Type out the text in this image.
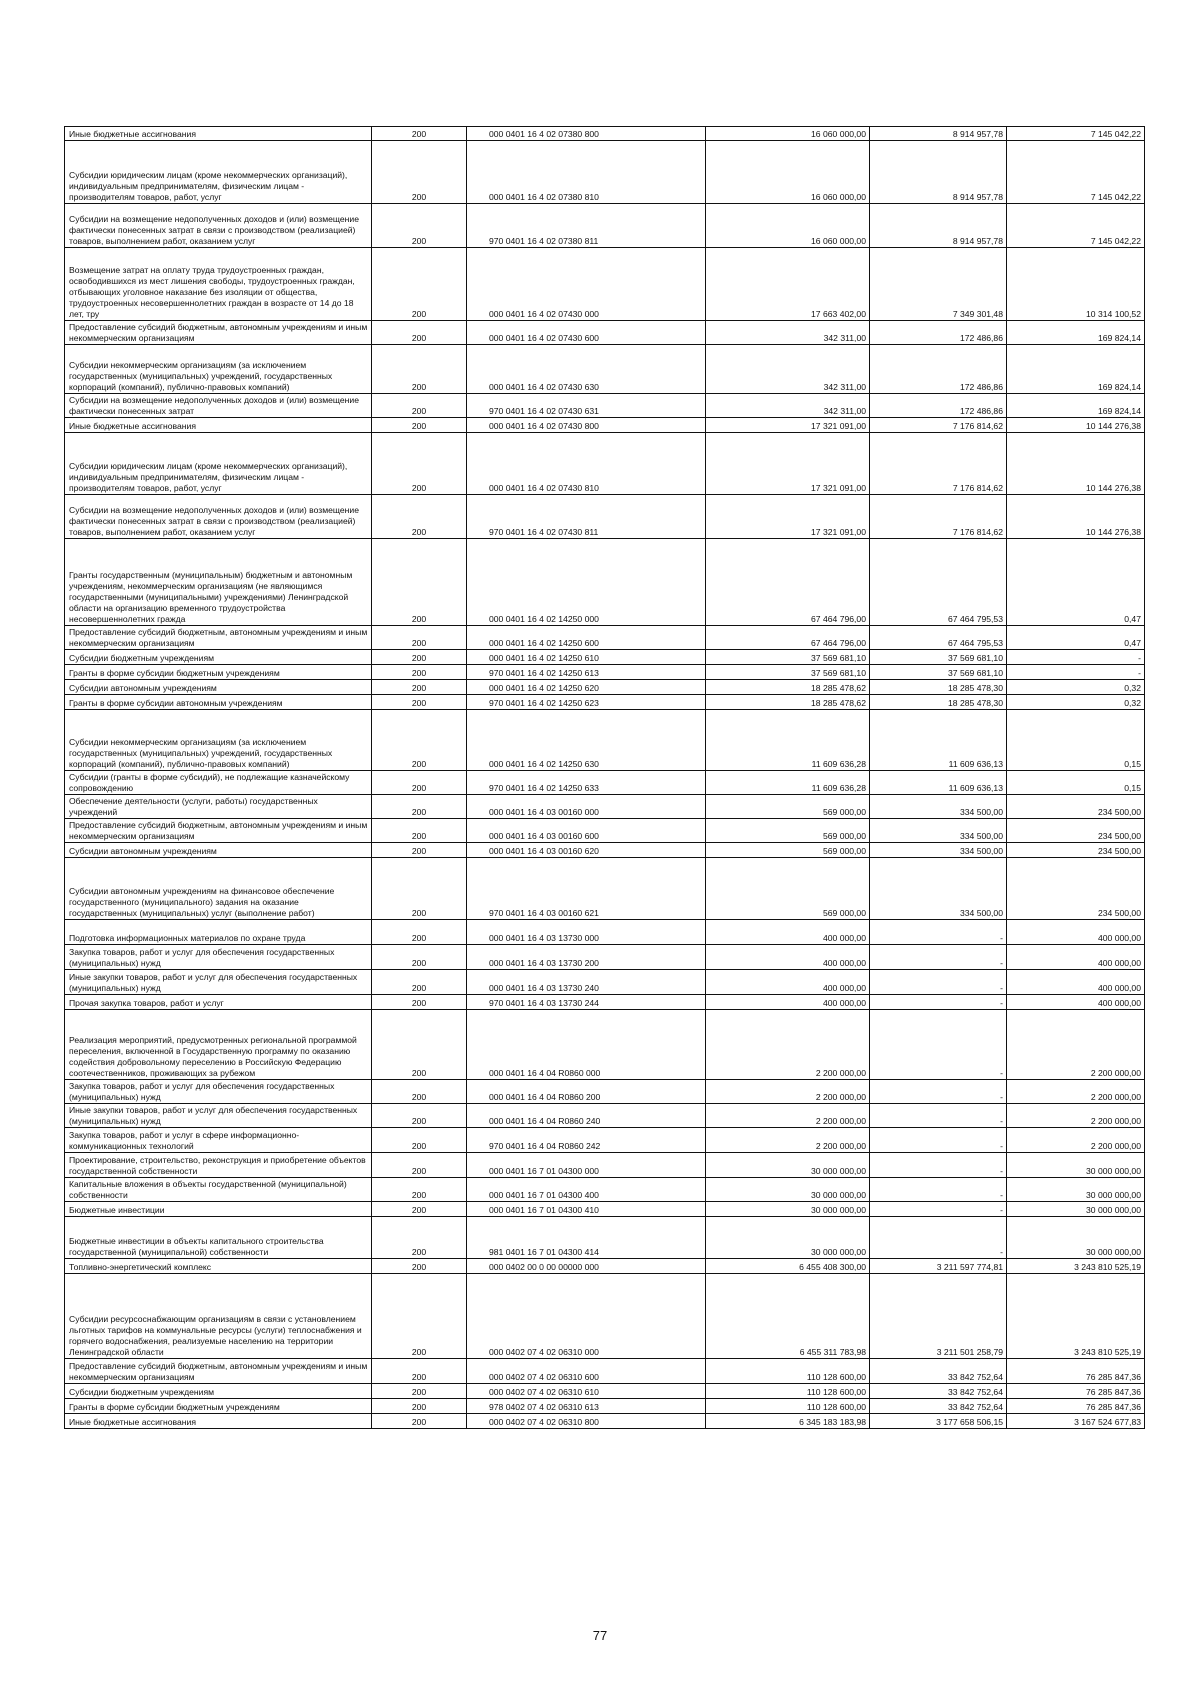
Иные бюджетные ассигнования	200	000 0401 16 4 02 07380 800	16 060 000,00	8 914 957,78	7 145 042,22
Субсидии юридическим лицам (кроме некоммерческих организаций), индивидуальным предпринимателям, физическим лицам - производителям товаров, работ, услуг	200	000 0401 16 4 02 07380 810	16 060 000,00	8 914 957,78	7 145 042,22
Субсидии на возмещение недополученных доходов и (или) возмещение фактически понесенных затрат в связи с производством (реализацией) товаров, выполнением работ, оказанием услуг	200	970 0401 16 4 02 07380 811	16 060 000,00	8 914 957,78	7 145 042,22
Возмещение затрат на оплату труда трудоустроенных граждан, освободившихся из мест лишения свободы, трудоустроенных граждан, отбывающих уголовное наказание без изоляции от общества, трудоустроенных несовершеннолетних граждан в возрасте от 14 до 18 лет, тру	200	000 0401 16 4 02 07430 000	17 663 402,00	7 349 301,48	10 314 100,52
Предоставление субсидий бюджетным, автономным учреждениям и иным некоммерческим организациям	200	000 0401 16 4 02 07430 600	342 311,00	172 486,86	169 824,14
Субсидии некоммерческим организациям (за исключением государственных (муниципальных) учреждений, государственных корпораций (компаний), публично-правовых компаний)	200	000 0401 16 4 02 07430 630	342 311,00	172 486,86	169 824,14
Субсидии на возмещение недополученных доходов и (или) возмещение фактически понесенных затрат	200	970 0401 16 4 02 07430 631	342 311,00	172 486,86	169 824,14
Иные бюджетные ассигнования	200	000 0401 16 4 02 07430 800	17 321 091,00	7 176 814,62	10 144 276,38
Субсидии юридическим лицам (кроме некоммерческих организаций), индивидуальным предпринимателям, физическим лицам - производителям товаров, работ, услуг	200	000 0401 16 4 02 07430 810	17 321 091,00	7 176 814,62	10 144 276,38
Субсидии на возмещение недополученных доходов и (или) возмещение фактически понесенных затрат в связи с производством (реализацией) товаров, выполнением работ, оказанием услуг	200	970 0401 16 4 02 07430 811	17 321 091,00	7 176 814,62	10 144 276,38
Гранты государственным (муниципальным) бюджетным и автономным учреждениям, некоммерческим организациям (не являющимся государственными (муниципальными) учреждениями) Ленинградской области на организацию временного трудоустройства несовершеннолетних гражда	200	000 0401 16 4 02 14250 000	67 464 796,00	67 464 795,53	0,47
Предоставление субсидий бюджетным, автономным учреждениям и иным некоммерческим организациям	200	000 0401 16 4 02 14250 600	67 464 796,00	67 464 795,53	0,47
Субсидии бюджетным учреждениям	200	000 0401 16 4 02 14250 610	37 569 681,10	37 569 681,10	-
Гранты в форме субсидии бюджетным учреждениям	200	970 0401 16 4 02 14250 613	37 569 681,10	37 569 681,10	-
Субсидии автономным учреждениям	200	000 0401 16 4 02 14250 620	18 285 478,62	18 285 478,30	0,32
Гранты в форме субсидии автономным учреждениям	200	970 0401 16 4 02 14250 623	18 285 478,62	18 285 478,30	0,32
Субсидии некоммерческим организациям (за исключением государственных (муниципальных) учреждений, государственных корпораций (компаний), публично-правовых компаний)	200	000 0401 16 4 02 14250 630	11 609 636,28	11 609 636,13	0,15
Субсидии (гранты в форме субсидий), не подлежащие казначейскому сопровождению	200	970 0401 16 4 02 14250 633	11 609 636,28	11 609 636,13	0,15
Обеспечение деятельности (услуги, работы) государственных учреждений	200	000 0401 16 4 03 00160 000	569 000,00	334 500,00	234 500,00
Предоставление субсидий бюджетным, автономным учреждениям и иным некоммерческим организациям	200	000 0401 16 4 03 00160 600	569 000,00	334 500,00	234 500,00
Субсидии автономным учреждениям	200	000 0401 16 4 03 00160 620	569 000,00	334 500,00	234 500,00
Субсидии автономным учреждениям на финансовое обеспечение государственного (муниципального) задания на оказание государственных (муниципальных) услуг (выполнение работ)	200	970 0401 16 4 03 00160 621	569 000,00	334 500,00	234 500,00
Подготовка информационных материалов по охране труда	200	000 0401 16 4 03 13730 000	400 000,00	-	400 000,00
Закупка товаров, работ и услуг для обеспечения государственных (муниципальных) нужд	200	000 0401 16 4 03 13730 200	400 000,00	-	400 000,00
Иные закупки товаров, работ и услуг для обеспечения государственных (муниципальных) нужд	200	000 0401 16 4 03 13730 240	400 000,00	-	400 000,00
Прочая закупка товаров, работ и услуг	200	970 0401 16 4 03 13730 244	400 000,00	-	400 000,00
Реализация мероприятий, предусмотренных региональной программой переселения, включенной в Государственную программу по оказанию содействия добровольному переселению в Российскую Федерацию соотечественников, проживающих за рубежом	200	000 0401 16 4 04 R0860 000	2 200 000,00	-	2 200 000,00
Закупка товаров, работ и услуг для обеспечения государственных (муниципальных) нужд	200	000 0401 16 4 04 R0860 200	2 200 000,00	-	2 200 000,00
Иные закупки товаров, работ и услуг для обеспечения государственных (муниципальных) нужд	200	000 0401 16 4 04 R0860 240	2 200 000,00	-	2 200 000,00
Закупка товаров, работ и услуг в сфере информационно-коммуникационных технологий	200	970 0401 16 4 04 R0860 242	2 200 000,00	-	2 200 000,00
Проектирование, строительство, реконструкция и приобретение объектов государственной собственности	200	000 0401 16 7 01 04300 000	30 000 000,00	-	30 000 000,00
Капитальные вложения в объекты государственной (муниципальной) собственности	200	000 0401 16 7 01 04300 400	30 000 000,00	-	30 000 000,00
Бюджетные инвестиции	200	000 0401 16 7 01 04300 410	30 000 000,00	-	30 000 000,00
Бюджетные инвестиции в объекты капитального строительства государственной (муниципальной) собственности	200	981 0401 16 7 01 04300 414	30 000 000,00	-	30 000 000,00
Топливно-энергетический комплекс	200	000 0402 00 0 00 00000 000	6 455 408 300,00	3 211 597 774,81	3 243 810 525,19
Субсидии ресурсоснабжающим организациям в связи с установлением льготных тарифов на коммунальные ресурсы (услуги) теплоснабжения и горячего водоснабжения, реализуемые населению на территории Ленинградской области	200	000 0402 07 4 02 06310 000	6 455 311 783,98	3 211 501 258,79	3 243 810 525,19
Предоставление субсидий бюджетным, автономным учреждениям и иным некоммерческим организациям	200	000 0402 07 4 02 06310 600	110 128 600,00	33 842 752,64	76 285 847,36
Субсидии бюджетным учреждениям	200	000 0402 07 4 02 06310 610	110 128 600,00	33 842 752,64	76 285 847,36
Гранты в форме субсидии бюджетным учреждениям	200	978 0402 07 4 02 06310 613	110 128 600,00	33 842 752,64	76 285 847,36
Иные бюджетные ассигнования	200	000 0402 07 4 02 06310 800	6 345 183 183,98	3 177 658 506,15	3 167 524 677,83
77
